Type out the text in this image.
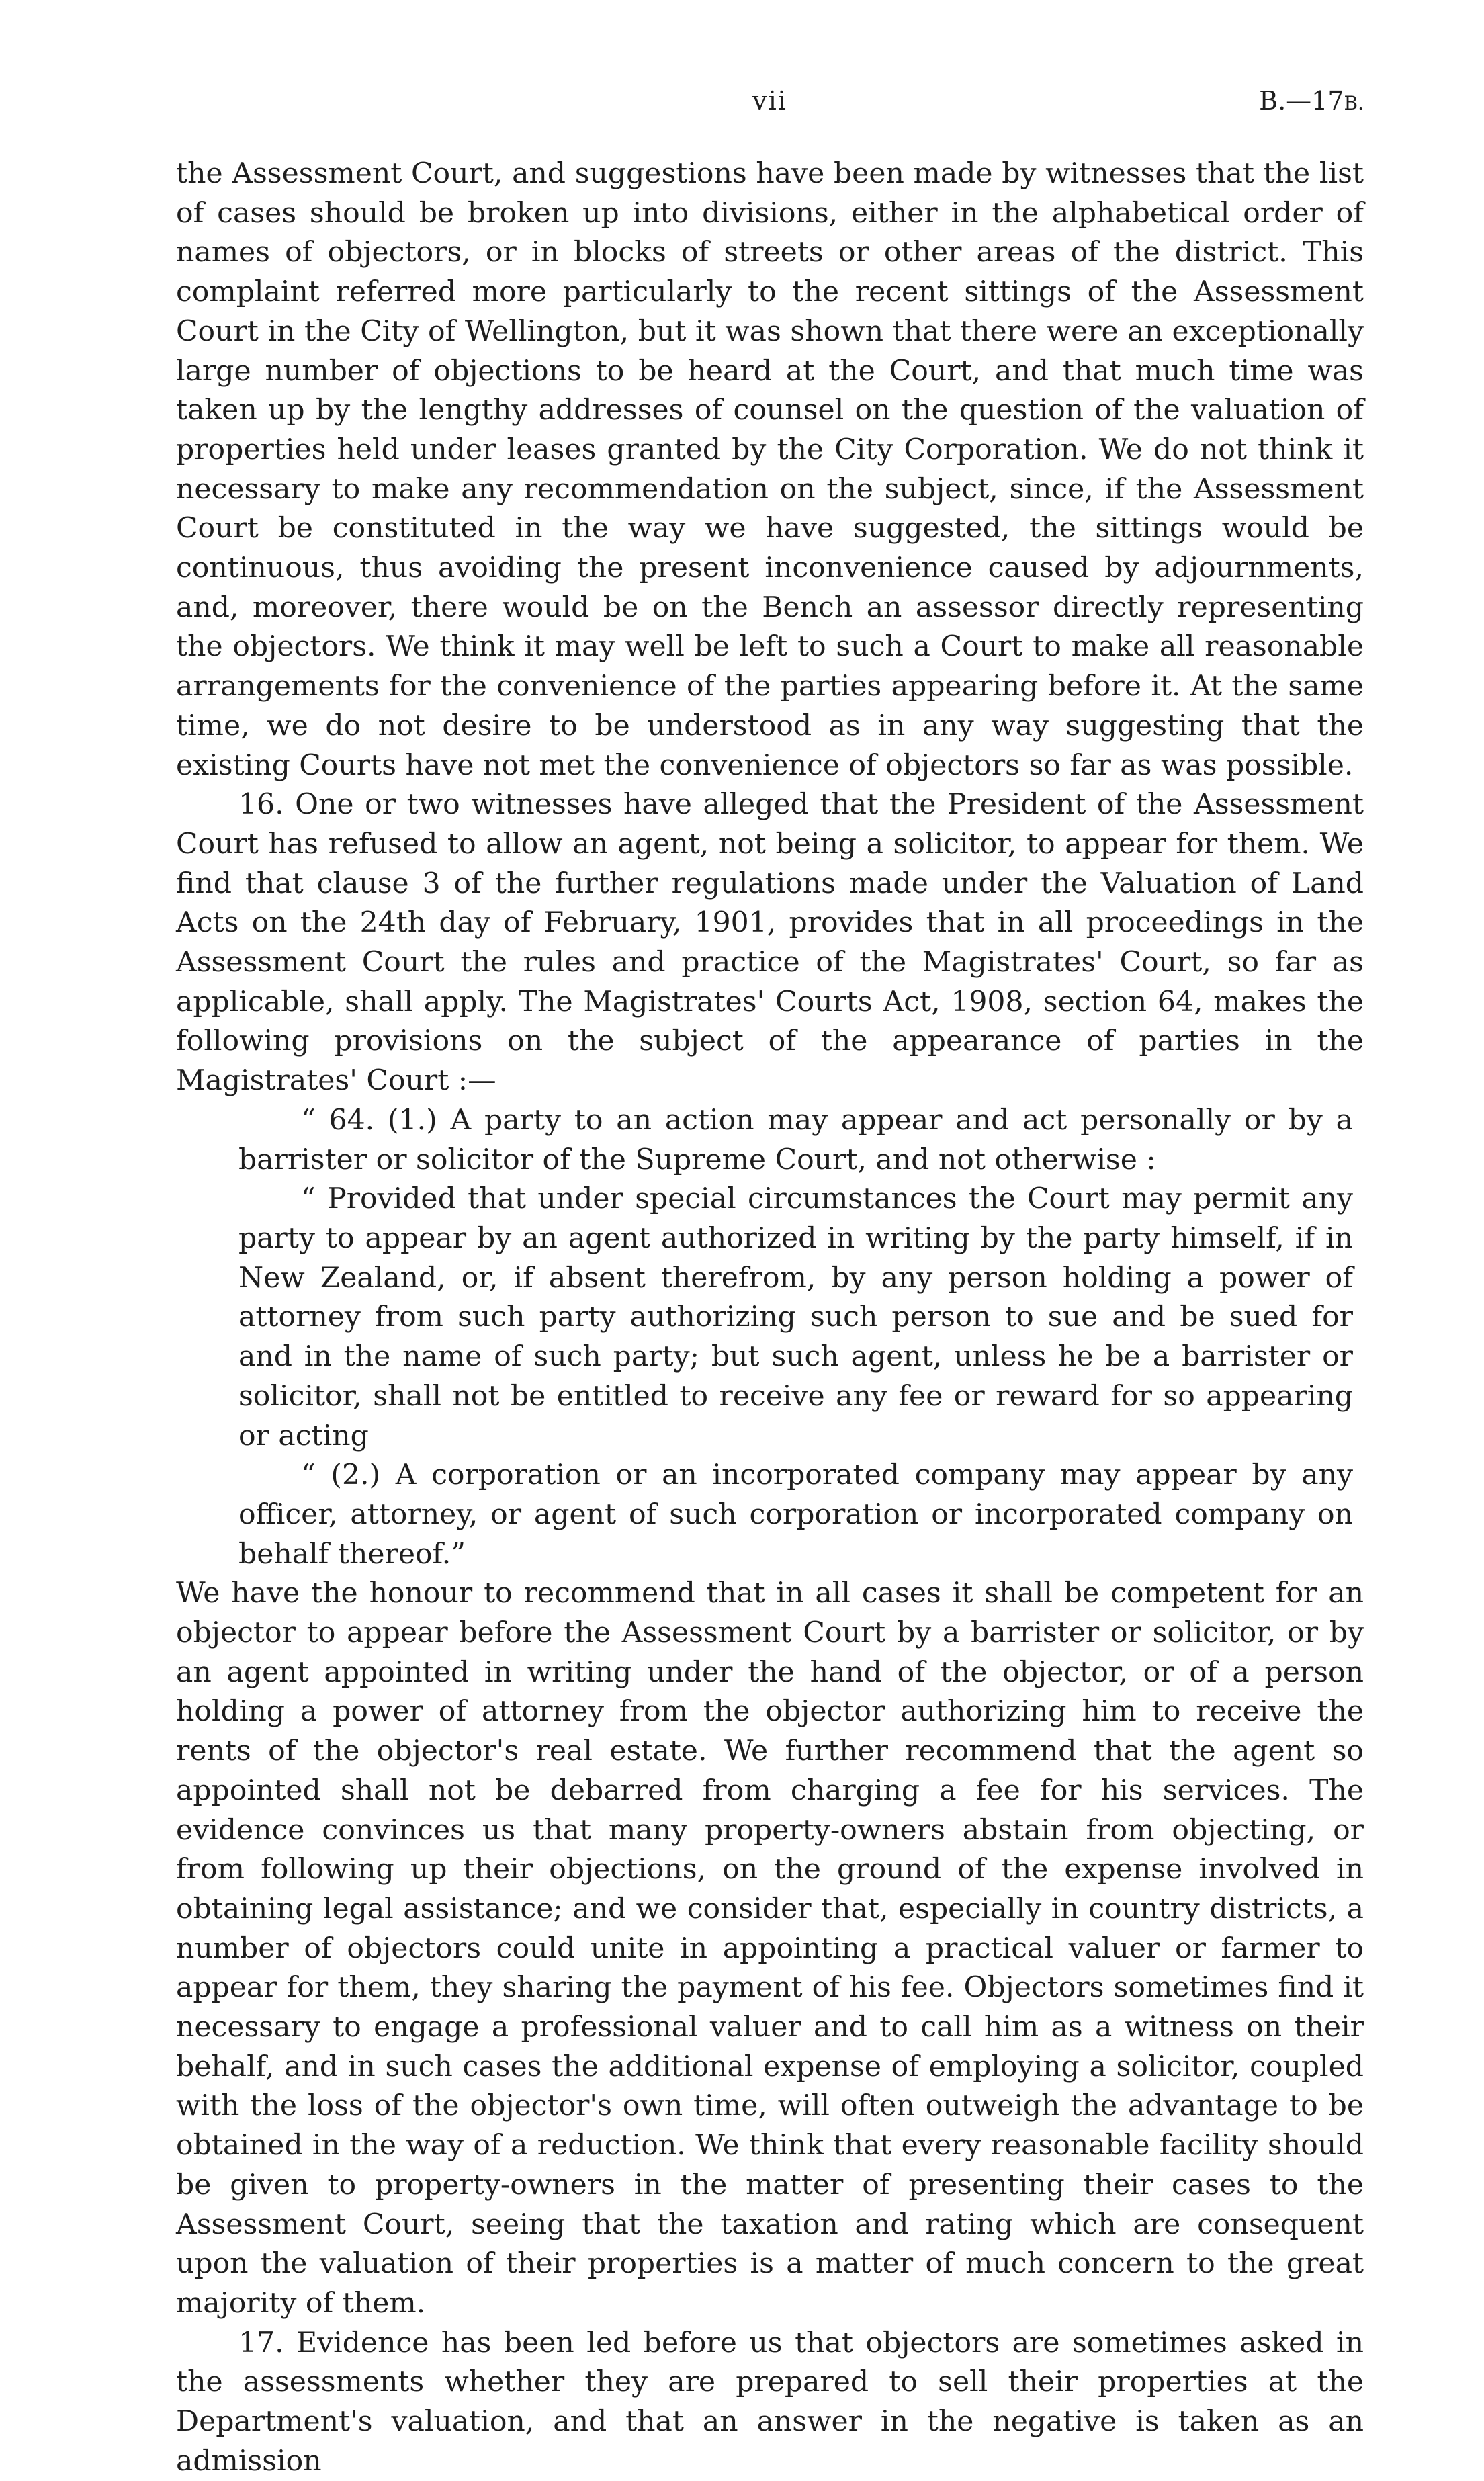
vii	B.—17B.

the Assessment Court, and suggestions have been made by witnesses that the list of cases should be broken up into divisions, either in the alphabetical order of names of objectors, or in blocks of streets or other areas of the district. This complaint referred more particularly to the recent sittings of the Assessment Court in the City of Wellington, but it was shown that there were an exceptionally large number of objections to be heard at the Court, and that much time was taken up by the lengthy addresses of counsel on the question of the valuation of properties held under leases granted by the City Corporation. We do not think it necessary to make any recommendation on the subject, since, if the Assessment Court be constituted in the way we have suggested, the sittings would be continuous, thus avoiding the present inconvenience caused by adjournments, and, moreover, there would be on the Bench an assessor directly representing the objectors. We think it may well be left to such a Court to make all reasonable arrangements for the convenience of the parties appearing before it. At the same time, we do not desire to be understood as in any way suggesting that the existing Courts have not met the convenience of objectors so far as was possible.

16. One or two witnesses have alleged that the President of the Assessment Court has refused to allow an agent, not being a solicitor, to appear for them. We find that clause 3 of the further regulations made under the Valuation of Land Acts on the 24th day of February, 1901, provides that in all proceedings in the Assessment Court the rules and practice of the Magistrates' Court, so far as applicable, shall apply. The Magistrates' Courts Act, 1908, section 64, makes the following provisions on the subject of the appearance of parties in the Magistrates' Court :—

“ 64. (1.) A party to an action may appear and act personally or by a barrister or solicitor of the Supreme Court, and not otherwise :

“ Provided that under special circumstances the Court may permit any party to appear by an agent authorized in writing by the party himself, if in New Zealand, or, if absent therefrom, by any person holding a power of attorney from such party authorizing such person to sue and be sued for and in the name of such party; but such agent, unless he be a barrister or solicitor, shall not be entitled to receive any fee or reward for so appearing or acting

“ (2.) A corporation or an incorporated company may appear by any officer, attorney, or agent of such corporation or incorporated company on behalf thereof.”

We have the honour to recommend that in all cases it shall be competent for an objector to appear before the Assessment Court by a barrister or solicitor, or by an agent appointed in writing under the hand of the objector, or of a person holding a power of attorney from the objector authorizing him to receive the rents of the objector's real estate. We further recommend that the agent so appointed shall not be debarred from charging a fee for his services. The evidence convinces us that many property-owners abstain from objecting, or from following up their objections, on the ground of the expense involved in obtaining legal assistance; and we consider that, especially in country districts, a number of objectors could unite in appointing a practical valuer or farmer to appear for them, they sharing the payment of his fee. Objectors sometimes find it necessary to engage a professional valuer and to call him as a witness on their behalf, and in such cases the additional expense of employing a solicitor, coupled with the loss of the objector's own time, will often outweigh the advantage to be obtained in the way of a reduction. We think that every reasonable facility should be given to property-owners in the matter of presenting their cases to the Assessment Court, seeing that the taxation and rating which are consequent upon the valuation of their properties is a matter of much concern to the great majority of them.

17. Evidence has been led before us that objectors are sometimes asked in the assessments whether they are prepared to sell their properties at the Department's valuation, and that an answer in the negative is taken as an admission
